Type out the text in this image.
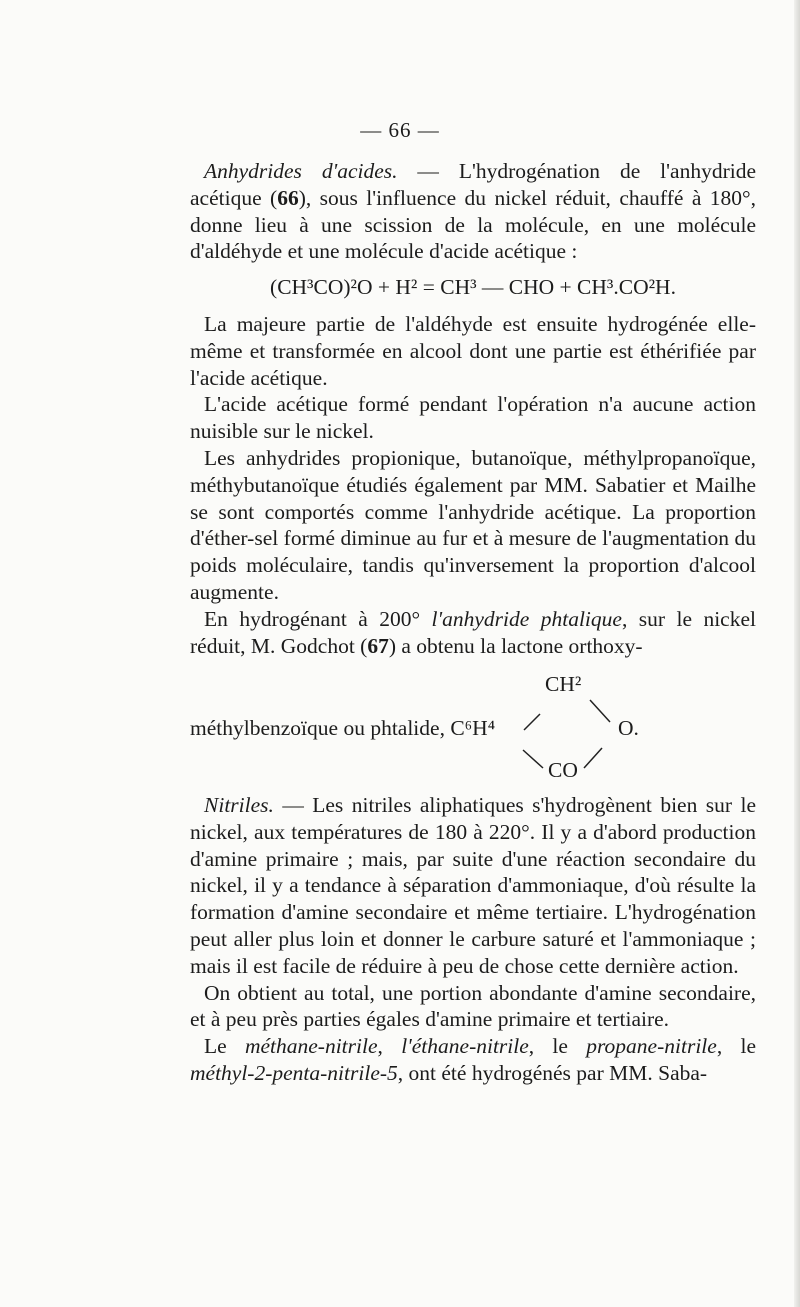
— 66 —

Anhydrides d'acides. — L'hydrogénation de l'anhydride acétique (66), sous l'influence du nickel réduit, chauffé à 180°, donne lieu à une scission de la molécule, en une molécule d'aldéhyde et une molécule d'acide acétique :

(CH³CO)²O + H² = CH³ — CHO + CH³.CO²H.

La majeure partie de l'aldéhyde est ensuite hydrogénée elle-même et transformée en alcool dont une partie est éthérifiée par l'acide acétique.

L'acide acétique formé pendant l'opération n'a aucune action nuisible sur le nickel.

Les anhydrides propionique, butanoïque, méthylpropanoïque, méthybutanoïque étudiés également par MM. Sabatier et Mailhe se sont comportés comme l'anhydride acétique. La proportion d'éther-sel formé diminue au fur et à mesure de l'augmentation du poids moléculaire, tandis qu'inversement la proportion d'alcool augmente.

En hydrogénant à 200° l'anhydride phtalique, sur le nickel réduit, M. Godchot (67) a obtenu la lactone orthoxy-

CH²
méthylbenzoïque ou phtalide, C⁶H⁴	O.
CO

Nitriles. — Les nitriles aliphatiques s'hydrogènent bien sur le nickel, aux températures de 180 à 220°. Il y a d'abord production d'amine primaire ; mais, par suite d'une réaction secondaire du nickel, il y a tendance à séparation d'ammoniaque, d'où résulte la formation d'amine secondaire et même tertiaire. L'hydrogénation peut aller plus loin et donner le carbure saturé et l'ammoniaque ; mais il est facile de réduire à peu de chose cette dernière action.

On obtient au total, une portion abondante d'amine secondaire, et à peu près parties égales d'amine primaire et tertiaire.

Le méthane-nitrile, l'éthane-nitrile, le propane-nitrile, le méthyl-2-penta-nitrile-5, ont été hydrogénés par MM. Saba-
